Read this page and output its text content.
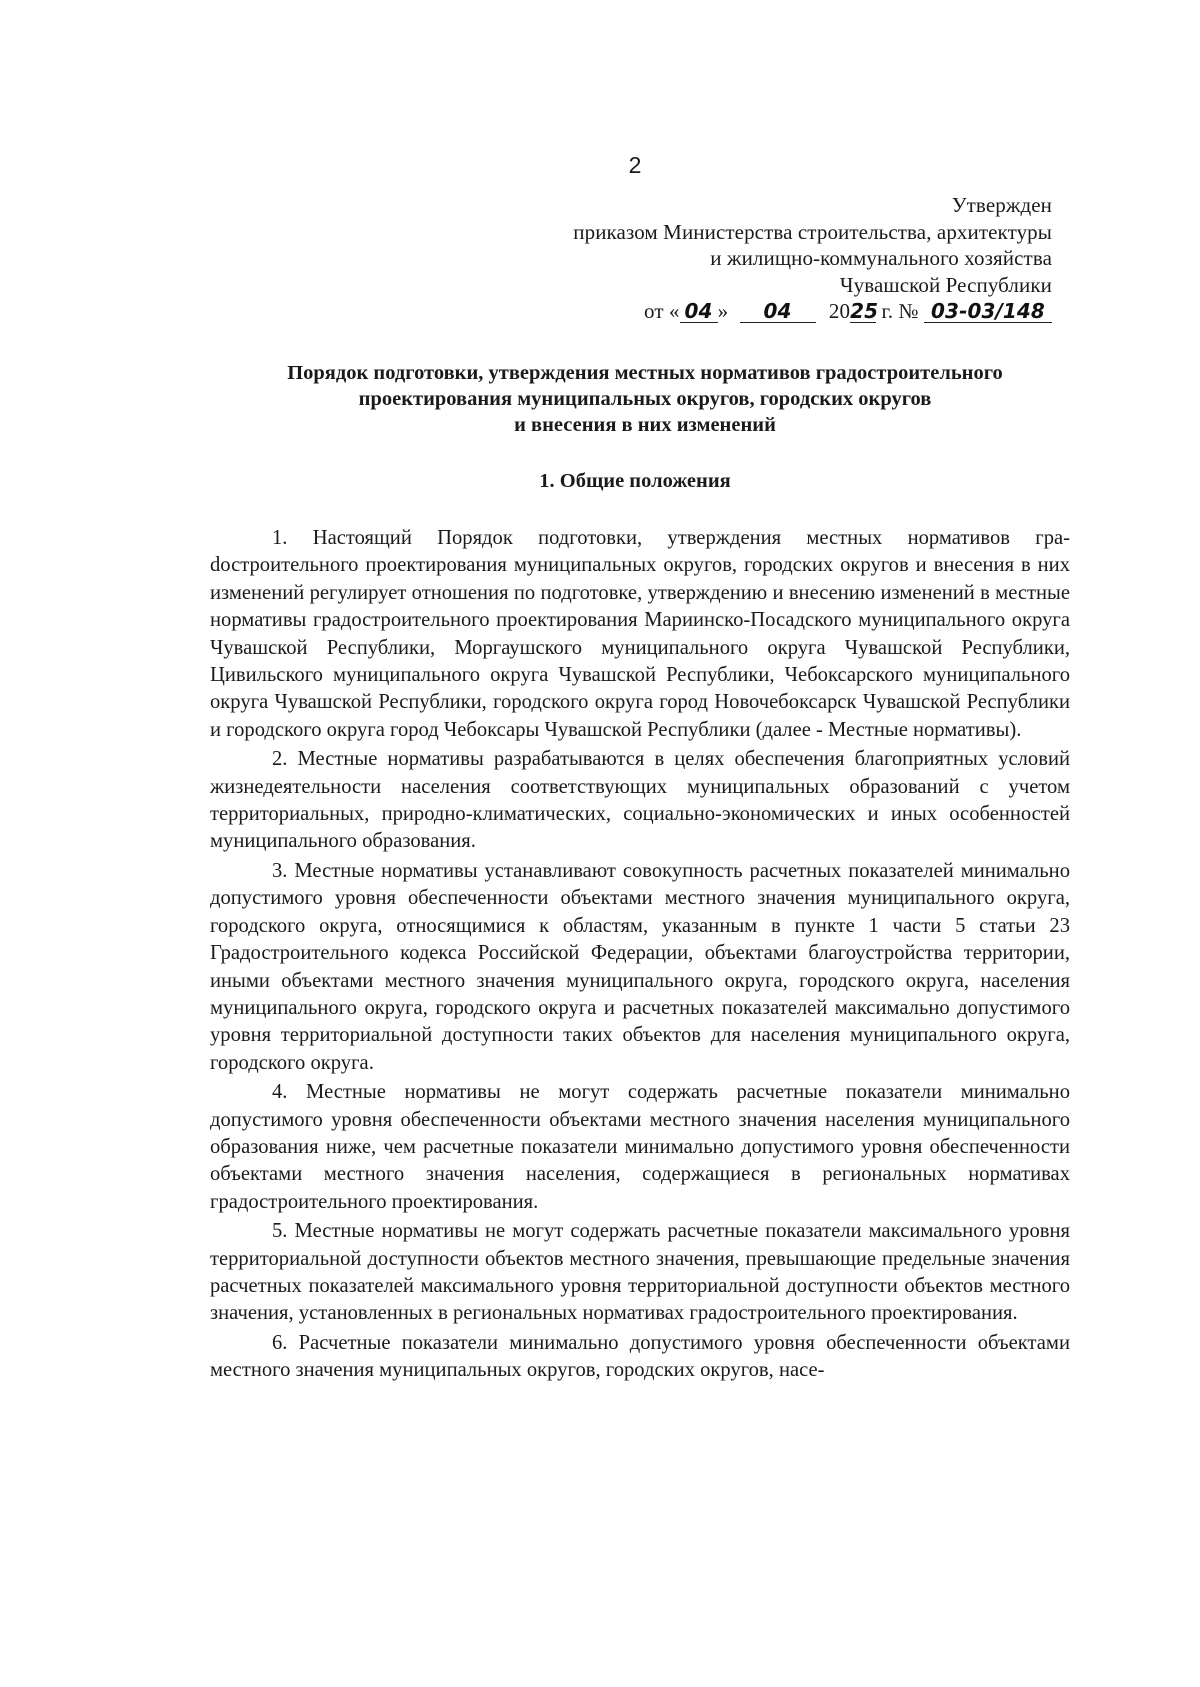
2
Утвержден
приказом Министерства строительства, архитектуры
и жилищно-коммунального хозяйства
Чувашской Республики
от « 04 » 04 2025 г. № 03-03/148
Порядок подготовки, утверждения местных нормативов градостроительного
проектирования муниципальных округов, городских округов
и внесения в них изменений
1. Общие положения

1. Настоящий Порядок подготовки, утверждения местных нормативов граdостроительного проектирования муниципальных округов, городских округов и внесения в них изменений регулирует отношения по подготовке, утверждению и внесению изменений в местные нормативы градостроительного проектирования Мариинско-Посадского муниципального округа Чувашской Республики, Моргаушского муниципального округа Чувашской Республики, Цивильского муниципального округа Чувашской Республики, Чебоксарского муниципального округа Чувашской Республики, городского округа город Новочебоксарск Чувашской Республики и городского округа город Чебоксары Чувашской Республики (далее - Местные нормативы).

2. Местные нормативы разрабатываются в целях обеспечения благоприятных условий жизнедеятельности населения соответствующих муниципальных образований с учетом территориальных, природно-климатических, социально-экономических и иных особенностей муниципального образования.

3. Местные нормативы устанавливают совокупность расчетных показателей минимально допустимого уровня обеспеченности объектами местного значения муниципального округа, городского округа, относящимися к областям, указанным в пункте 1 части 5 статьи 23 Градостроительного кодекса Российской Федерации, объектами благоустройства территории, иными объектами местного значения муниципального округа, городского округа, населения муниципального округа, городского округа и расчетных показателей максимально допустимого уровня территориальной доступности таких объектов для населения муниципального округа, городского округа.

4. Местные нормативы не могут содержать расчетные показатели минимально допустимого уровня обеспеченности объектами местного значения населения муниципального образования ниже, чем расчетные показатели минимально допустимого уровня обеспеченности объектами местного значения населения, содержащиеся в региональных нормативах градостроительного проектирования.

5. Местные нормативы не могут содержать расчетные показатели максимального уровня территориальной доступности объектов местного значения, превышающие предельные значения расчетных показателей максимального уровня территориальной доступности объектов местного значения, установленных в региональных нормативах градостроительного проектирования.

6. Расчетные показатели минимально допустимого уровня обеспеченности объектами местного значения муниципальных округов, городских округов, насе-
